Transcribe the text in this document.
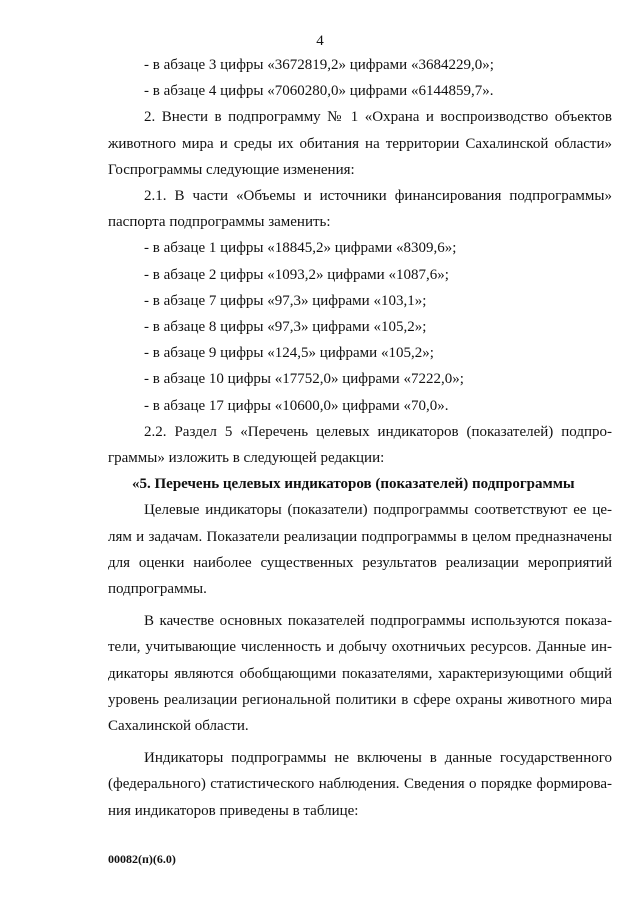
4

- в абзаце 3 цифры «3672819,2» цифрами «3684229,0»;

- в абзаце 4 цифры «7060280,0» цифрами «6144859,7».

2. Внести в подпрограмму № 1 «Охрана и воспроизводство объектов

животного мира и среды их обитания на территории Сахалинской области»

Госпрограммы следующие изменения:

2.1. В части «Объемы и источники финансирования подпрограммы»

паспорта подпрограммы заменить:

- в абзаце 1 цифры «18845,2» цифрами «8309,6»;

- в абзаце 2 цифры «1093,2» цифрами «1087,6»;

- в абзаце 7 цифры «97,3» цифрами «103,1»;

- в абзаце 8 цифры «97,3» цифрами «105,2»;

- в абзаце 9 цифры «124,5» цифрами «105,2»;

- в абзаце 10 цифры «17752,0» цифрами «7222,0»;

- в абзаце 17 цифры «10600,0» цифрами «70,0».

2.2. Раздел 5 «Перечень целевых индикаторов (показателей) подпро-

граммы» изложить в следующей редакции:

«5. Перечень целевых индикаторов (показателей) подпрограммы

Целевые индикаторы (показатели) подпрограммы соответствуют ее це-

лям и задачам. Показатели реализации подпрограммы в целом предназначены

для оценки наиболее существенных результатов реализации мероприятий

подпрограммы.

В качестве основных показателей подпрограммы используются показа-

тели, учитывающие численность и добычу охотничьих ресурсов. Данные ин-

дикаторы являются обобщающими показателями, характеризующими общий

уровень реализации региональной политики в сфере охраны животного мира

Сахалинской области.

Индикаторы подпрограммы не включены в данные государственного

(федерального) статистического наблюдения. Сведения о порядке формирова-

ния индикаторов приведены в таблице:

00082(п)(6.0)
